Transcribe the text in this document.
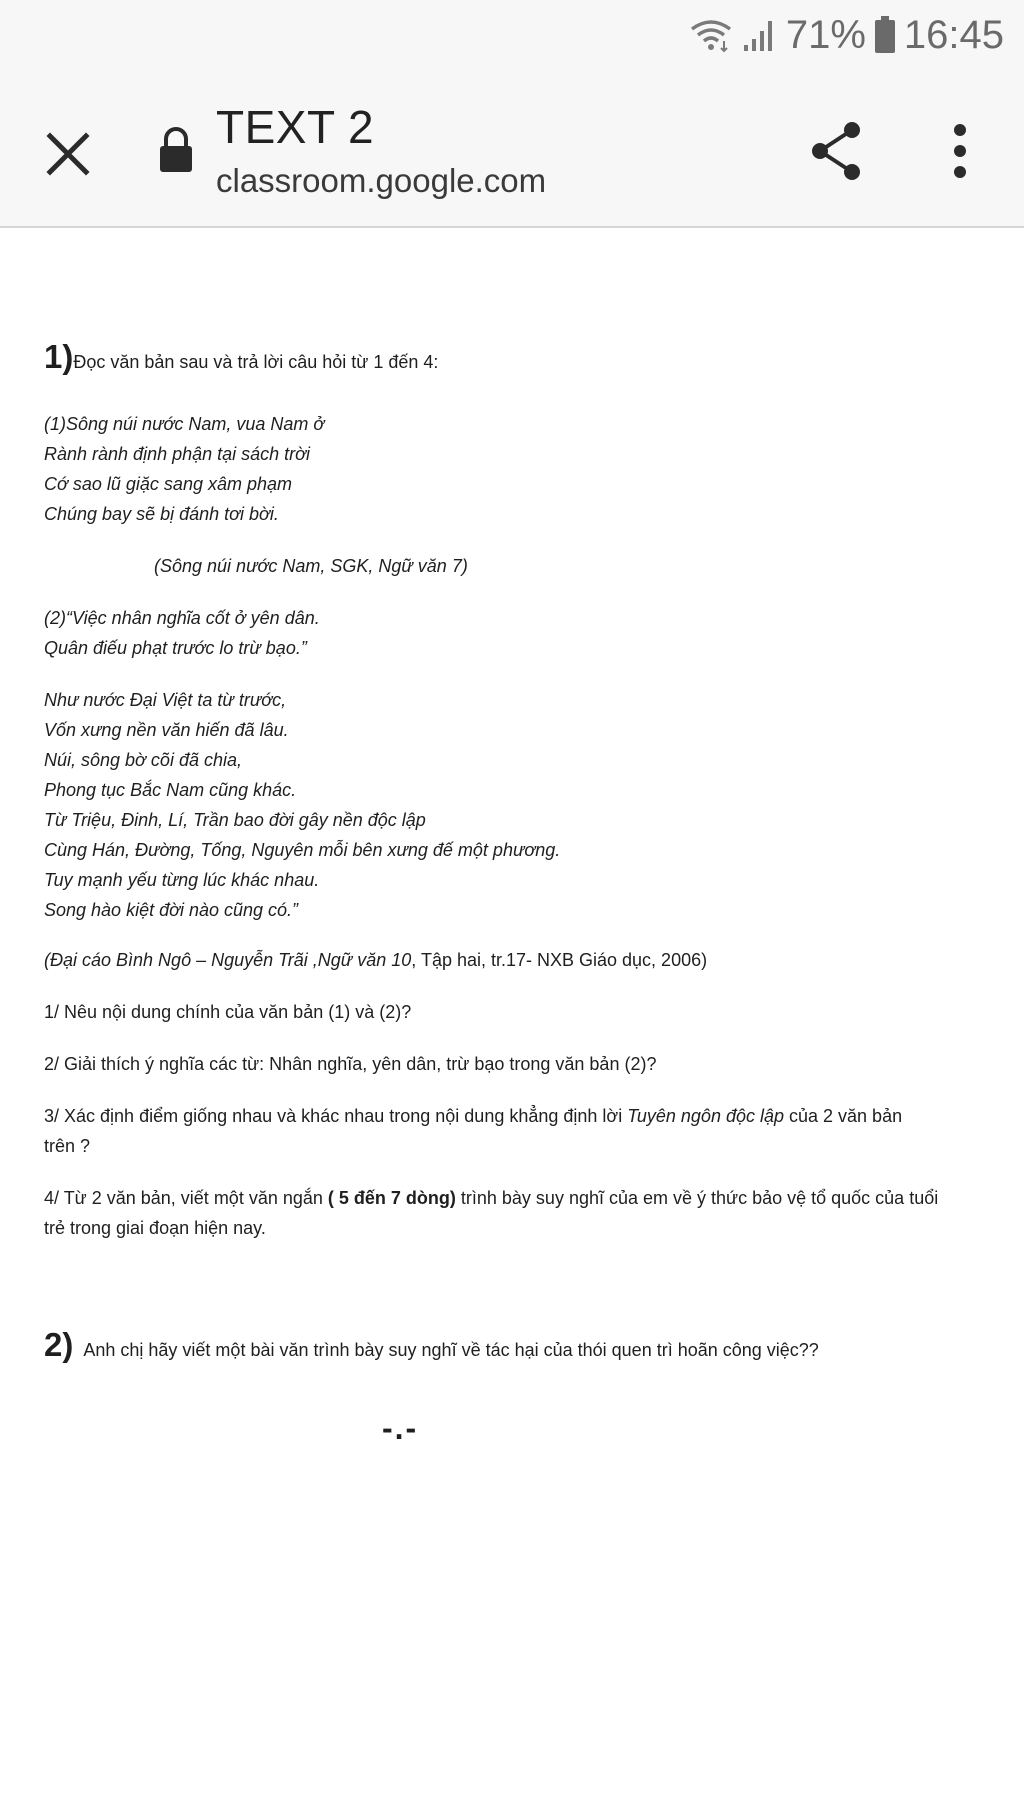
71% 16:45
TEXT 2
classroom.google.com
1)Đọc văn bản sau và trả lời câu hỏi từ 1 đến 4:
(1)Sông núi nước Nam, vua Nam ở
Rành rành định phận tại sách trời
Cớ sao lũ giặc sang xâm phạm
Chúng bay sẽ bị đánh tơi bời.
(Sông núi nước Nam, SGK, Ngữ văn 7)
(2)“Việc nhân nghĩa cốt ở yên dân.
Quân điếu phạt trước lo trừ bạo.”
Như nước Đại Việt ta từ trước,
Vốn xưng nền văn hiến đã lâu.
Núi, sông bờ cõi đã chia,
Phong tục Bắc Nam cũng khác.
Từ Triệu, Đinh, Lí, Trần bao đời gây nền độc lập
Cùng Hán, Đường, Tống, Nguyên mỗi bên xưng đế một phương.
Tuy mạnh yếu từng lúc khác nhau.
Song hào kiệt đời nào cũng có.”
(Đại cáo Bình Ngô – Nguyễn Trãi ,Ngữ văn 10, Tập hai, tr.17- NXB Giáo dục, 2006)
1/ Nêu nội dung chính của văn bản (1) và (2)?
2/ Giải thích ý nghĩa các từ: Nhân nghĩa, yên dân, trừ bạo trong văn bản (2)?
3/ Xác định điểm giống nhau và khác nhau trong nội dung khẳng định lời Tuyên ngôn độc lập của 2 văn bản
trên ?
4/ Từ 2 văn bản, viết một văn ngắn ( 5 đến 7 dòng) trình bày suy nghĩ của em về ý thức bảo vệ tổ quốc của tuổi
trẻ trong giai đoạn hiện nay.
2) Anh chị hãy viết một bài văn trình bày suy nghĩ về tác hại của thói quen trì hoãn công việc??
-.-
